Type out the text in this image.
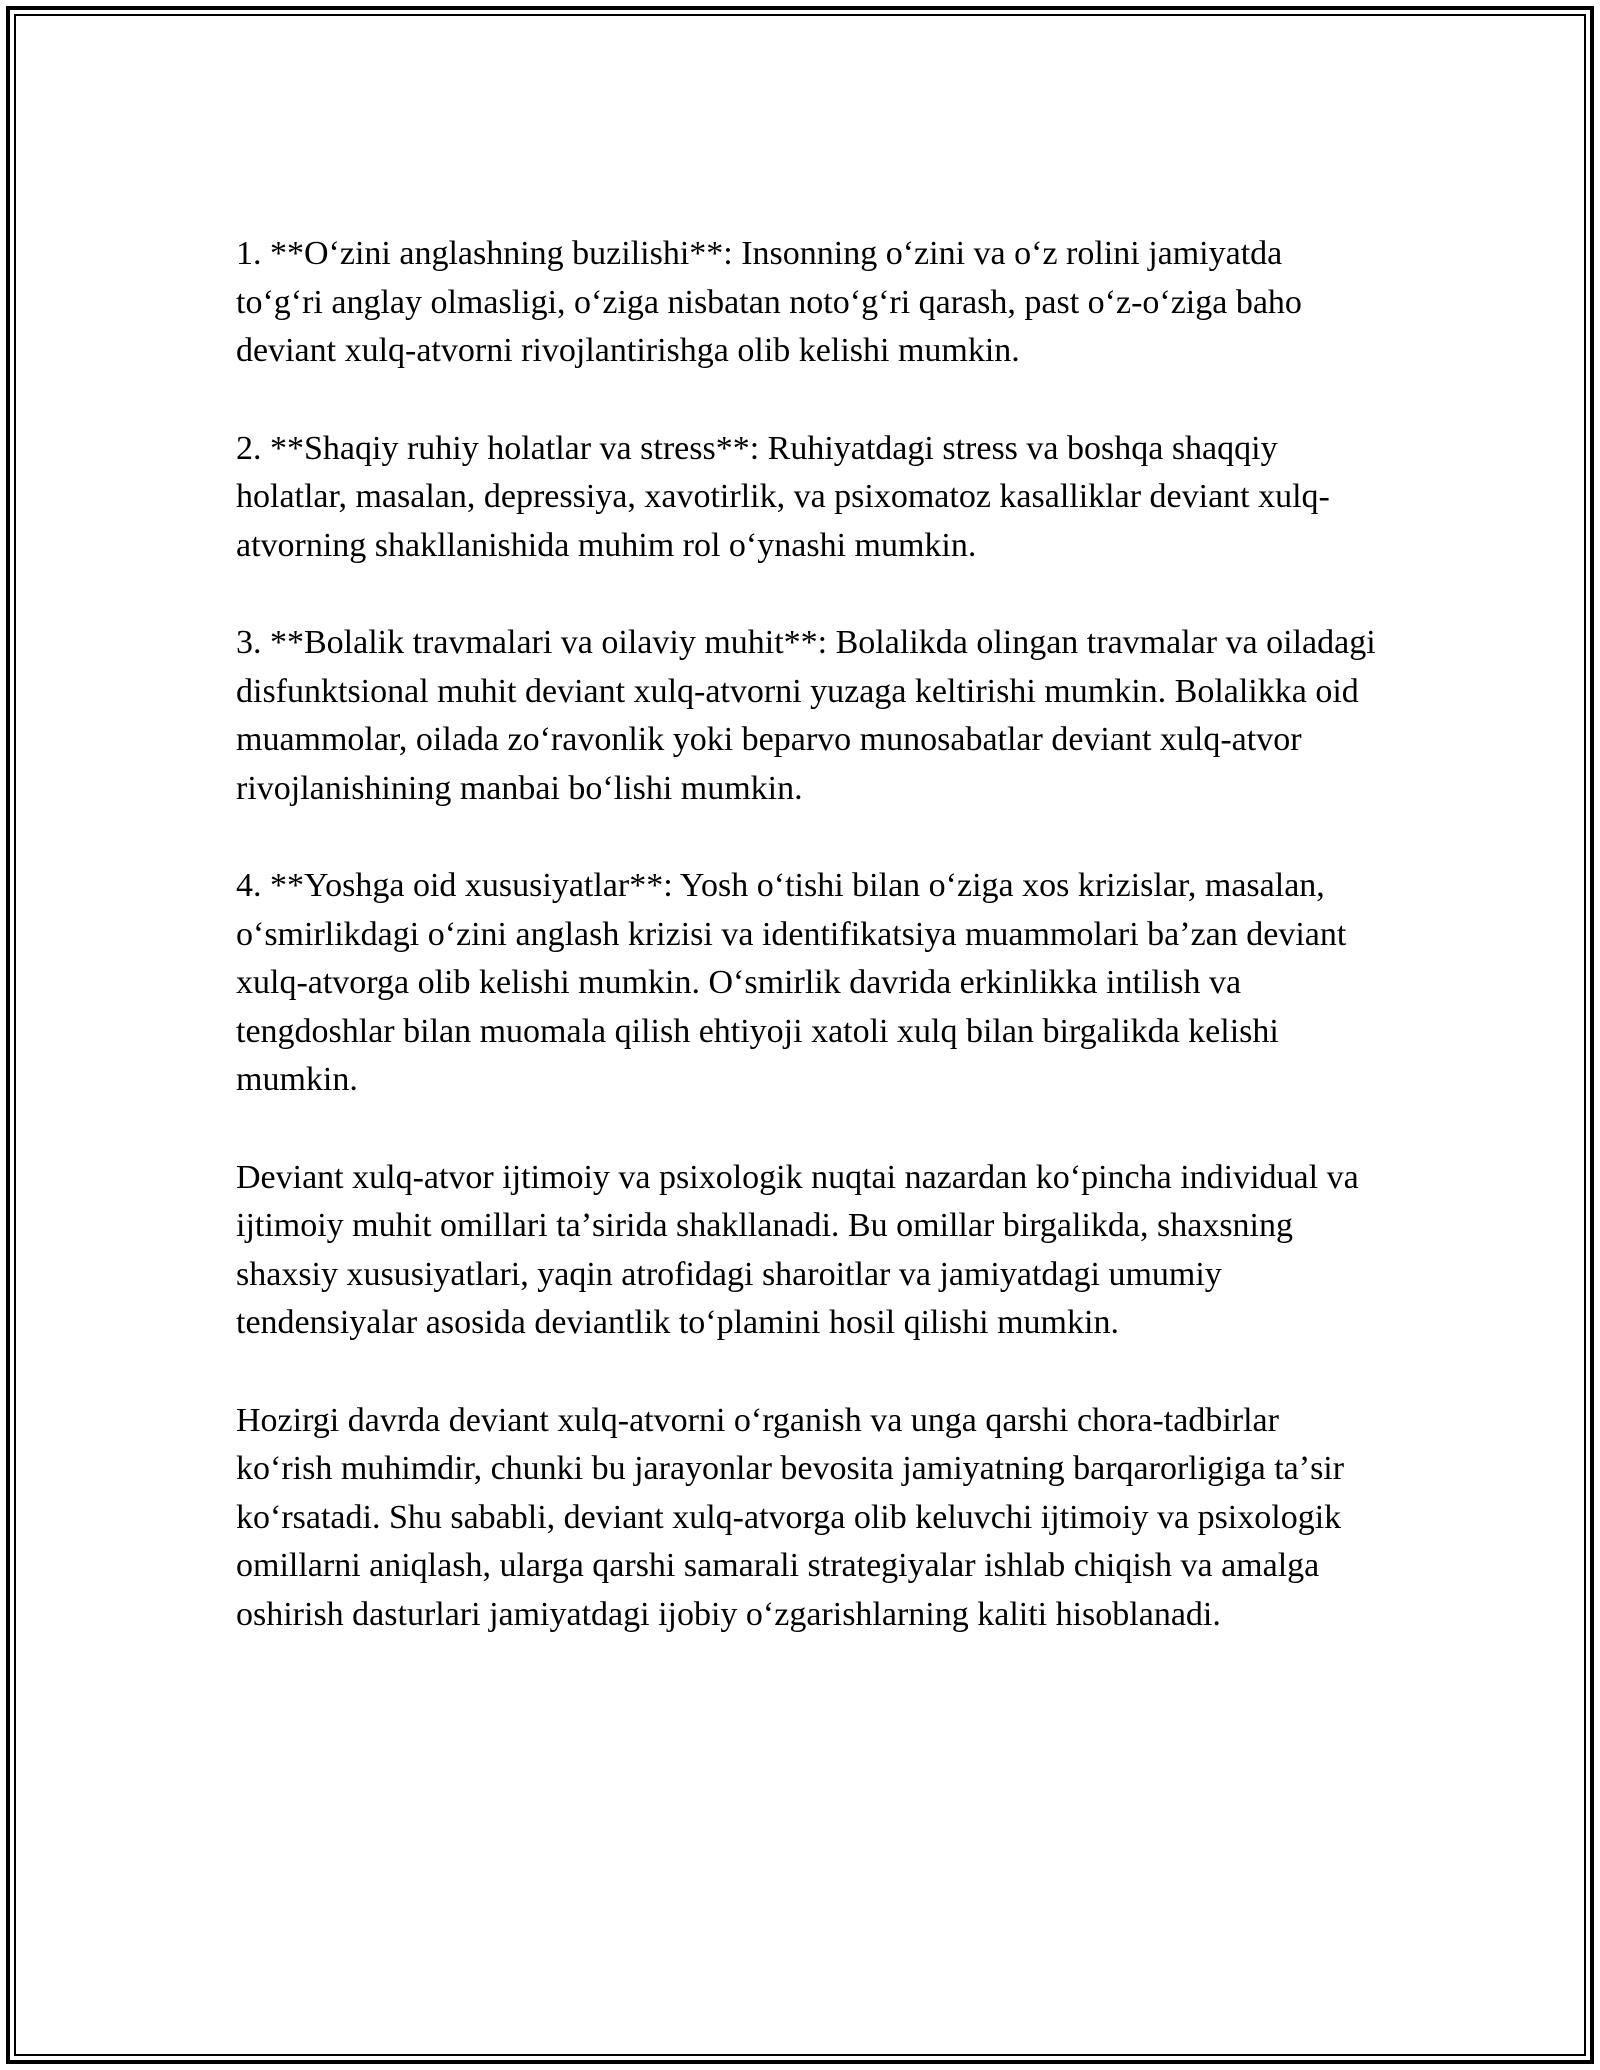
1. **Oʻzini anglashning buzilishi**: Insonning oʻzini va oʻz rolini jamiyatda toʻgʻri anglay olmasligi, oʻziga nisbatan notoʻgʻri qarash, past oʻz-oʻziga baho deviant xulq-atvorni rivojlantirishga olib kelishi mumkin.

2. **Shaqiy ruhiy holatlar va stress**: Ruhiyatdagi stress va boshqa shaqqiy holatlar, masalan, depressiya, xavotirlik, va psixomatoz kasalliklar deviant xulq-atvorning shakllanishida muhim rol oʻynashi mumkin.

3. **Bolalik travmalari va oilaviy muhit**: Bolalikda olingan travmalar va oiladagi disfunktsional muhit deviant xulq-atvorni yuzaga keltirishi mumkin. Bolalikka oid muammolar, oilada zoʻravonlik yoki beparvo munosabatlar deviant xulq-atvor rivojlanishining manbai boʻlishi mumkin.

4. **Yoshga oid xususiyatlar**: Yosh oʻtishi bilan oʻziga xos krizislar, masalan, oʻsmirlikdagi oʻzini anglash krizisi va identifikatsiya muammolari baʼzan deviant xulq-atvorga olib kelishi mumkin. Oʻsmirlik davrida erkinlikka intilish va tengdoshlar bilan muomala qilish ehtiyoji xatoli xulq bilan birgalikda kelishi mumkin.

Deviant xulq-atvor ijtimoiy va psixologik nuqtai nazardan koʻpincha individual va ijtimoiy muhit omillari taʼsirida shakllanadi. Bu omillar birgalikda, shaxsning shaxsiy xususiyatlari, yaqin atrofidagi sharoitlar va jamiyatdagi umumiy tendensiyalar asosida deviantlik toʻplamini hosil qilishi mumkin.

Hozirgi davrda deviant xulq-atvorni oʻrganish va unga qarshi chora-tadbirlar koʻrish muhimdir, chunki bu jarayonlar bevosita jamiyatning barqarorligiga taʼsir koʻrsatadi. Shu sababli, deviant xulq-atvorga olib keluvchi ijtimoiy va psixologik omillarni aniqlash, ularga qarshi samarali strategiyalar ishlab chiqish va amalga oshirish dasturlari jamiyatdagi ijobiy oʻzgarishlarning kaliti hisoblanadi.
